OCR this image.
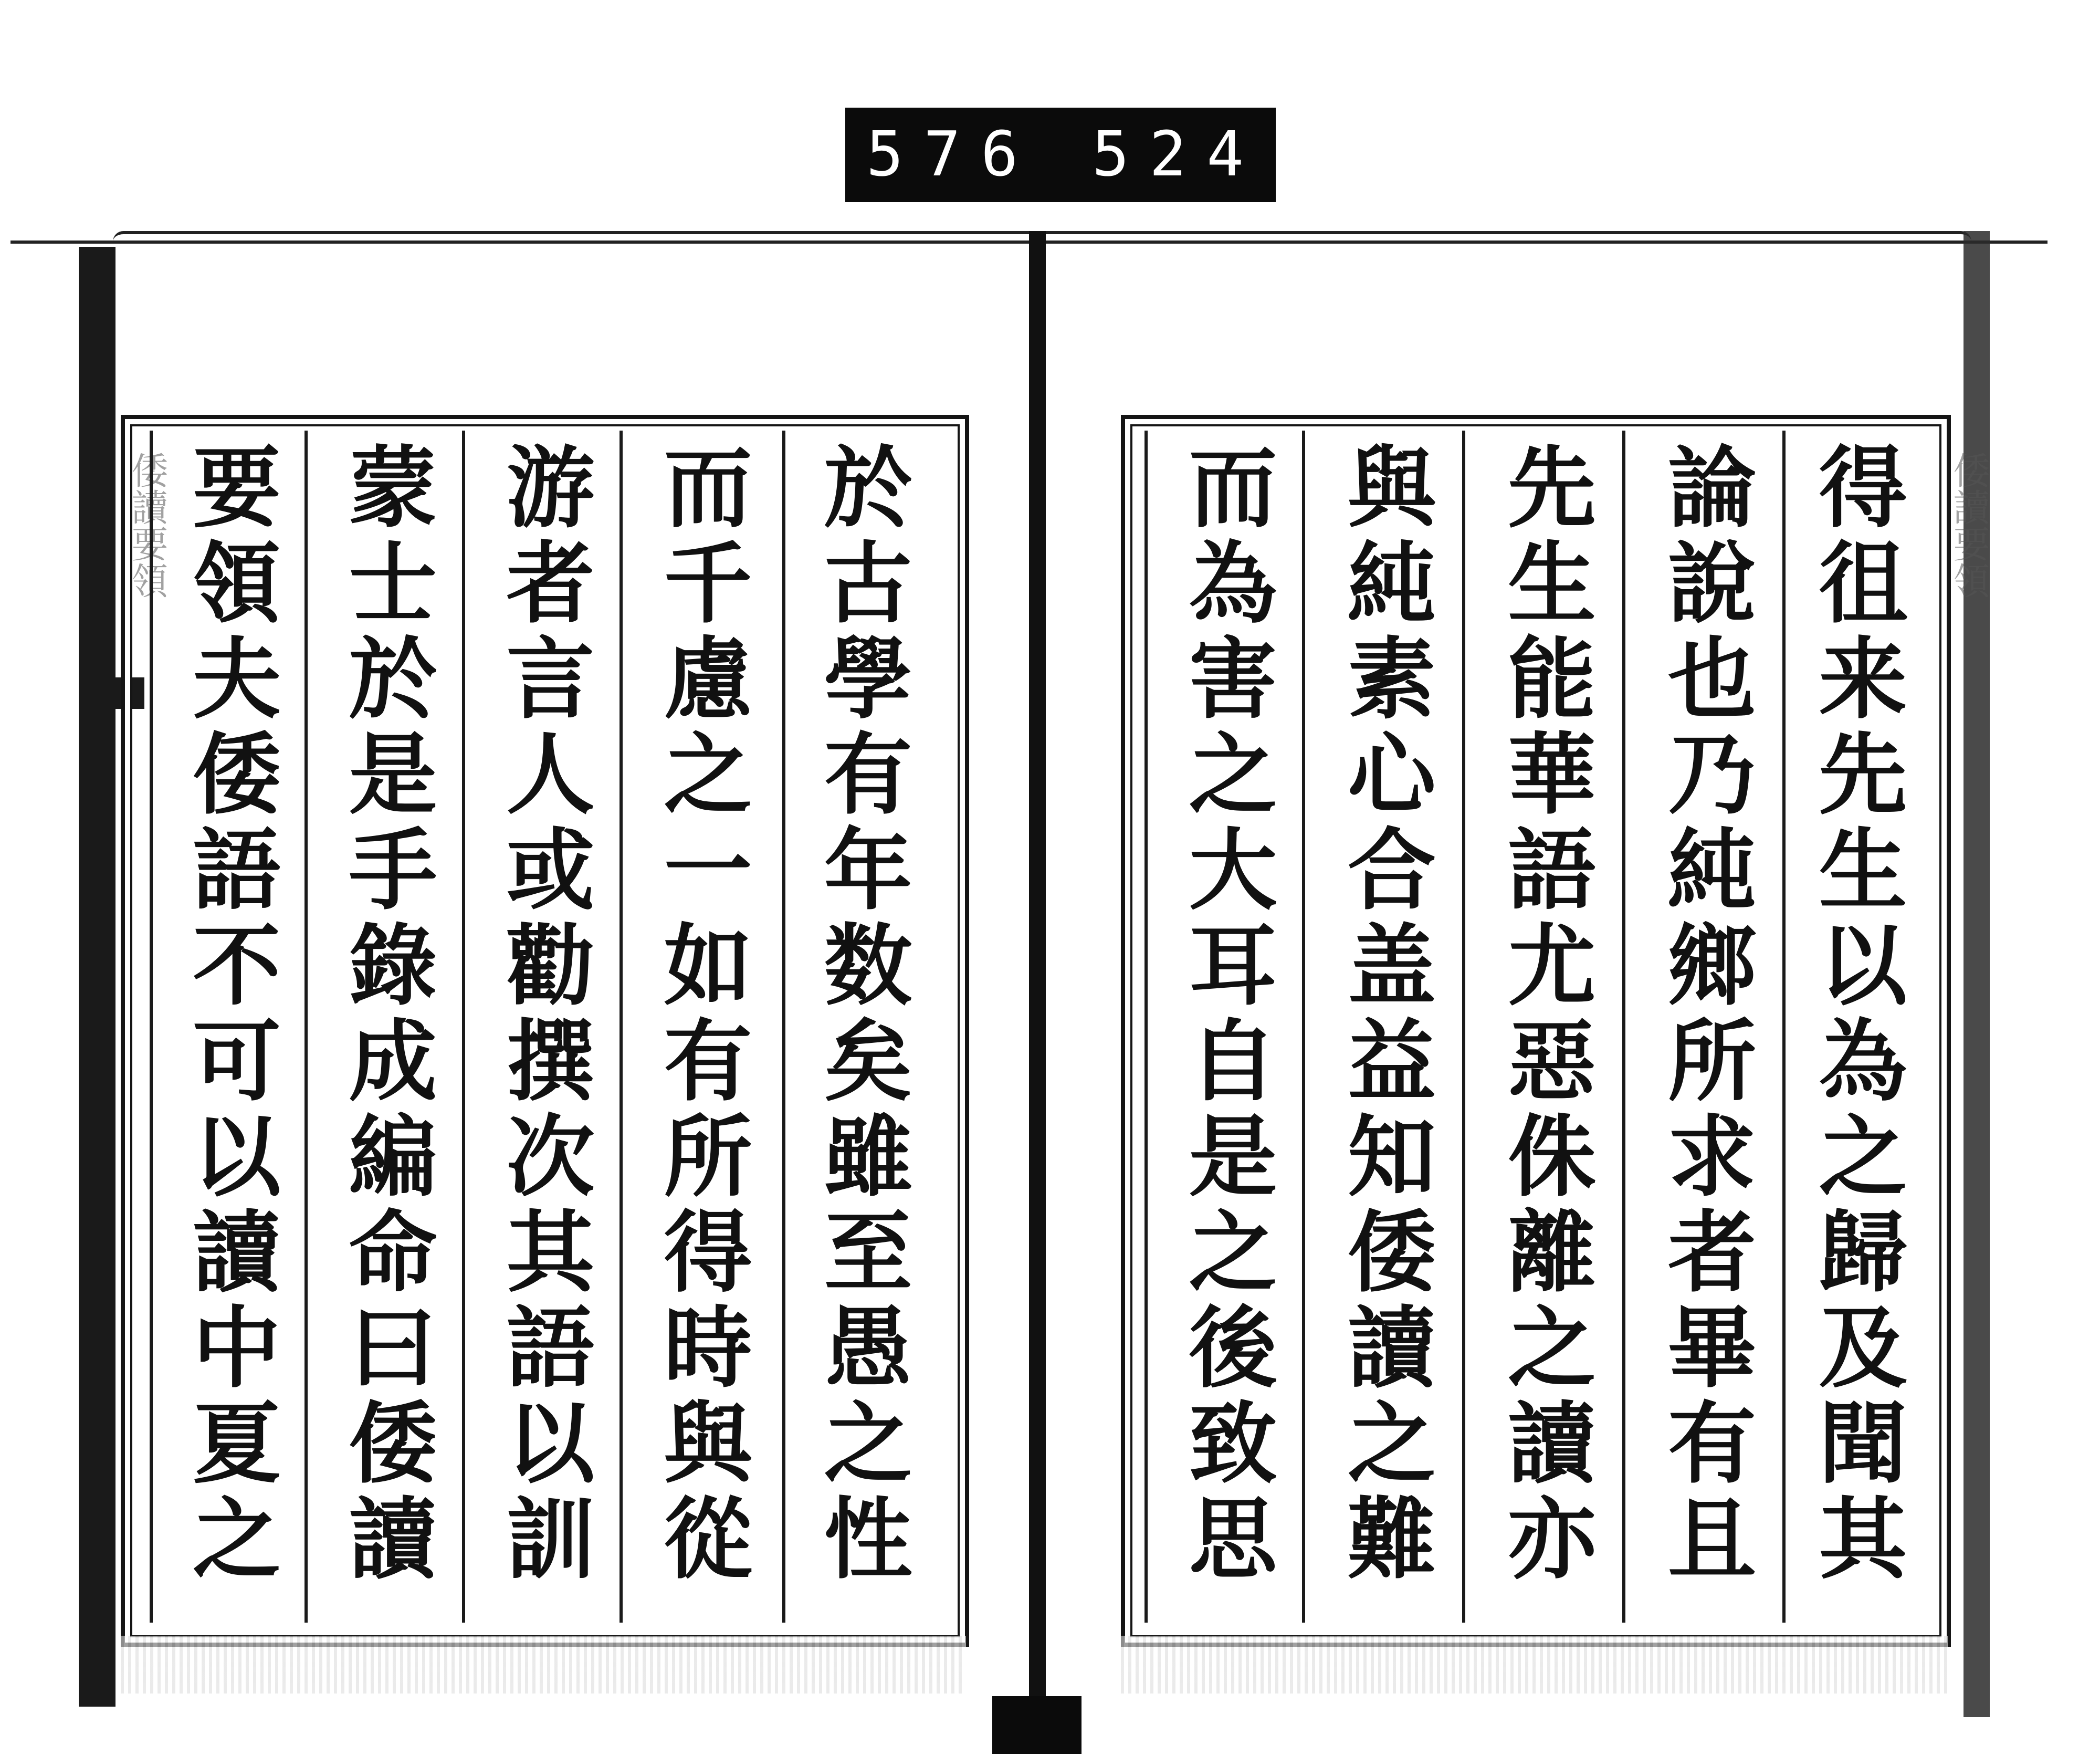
576 524.
倭讀要領	倭讀要領
於古學有年数矣雖至愚之性
而千慮之一如有所得時與從
游者言人或勸撰次其語以訓
蒙士於是手錄成編命曰倭讀
要領夫倭語不可以讀中夏之	得徂来先生以為之歸及聞其
論說也乃純鄉所求者畢有且
先生能華語尤惡侏離之讀亦
與純素心合盖益知倭讀之難
而為害之大耳自是之後致思
